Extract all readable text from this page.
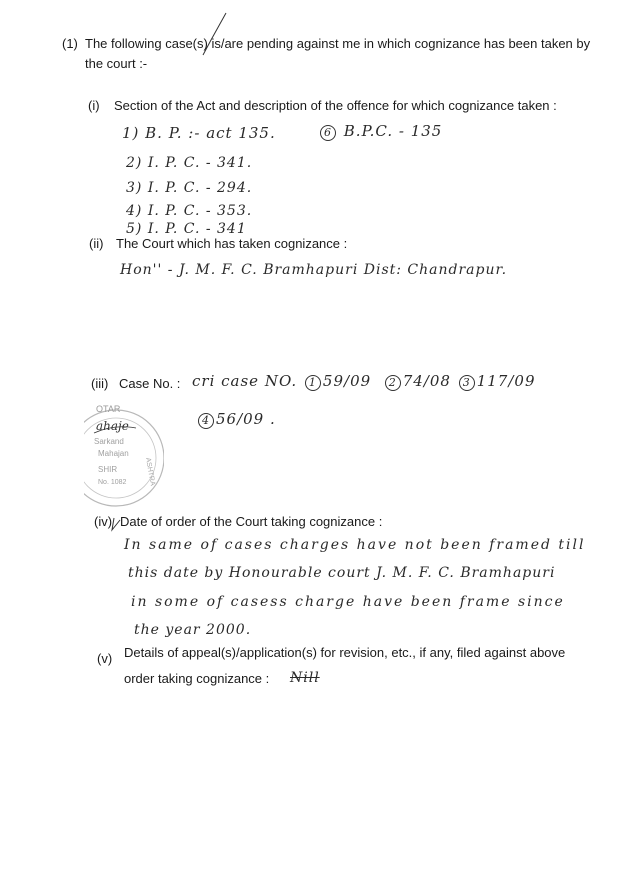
(1) The following case(s) is/are pending against me in which cognizance has been taken by
the court :-
(i) Section of the Act and description of the offence for which cognizance taken :
1) B. P. :- act 135.	6 B.P.C. - 135
2) I. P. C. - 341.
3) I. P. C. - 294.
4) I. P. C. - 353.
5) I. P. C. - 341
(ii) The Court which has taken cognizance :
Hon'' - J. M. F. C. Bramhapuri Dist: Chandrapur.
(iii) Case No. : cri case NO. 1 59/09 2 74/08 3 117/09
4 56/09 .
OTAR
Sarkand
Mahajan
SHIR
No. 1082	ASHTRA
ahaje
(iv) Date of order of the Court taking cognizance :
In same of cases charges have not been framed till
this date by Honourable court J. M. F. C. Bramhapuri
in some of casess charge have been frame since
the year 2000.
(v) Details of appeal(s)/application(s) for revision, etc., if any, filed against above
order taking cognizance : Nill
